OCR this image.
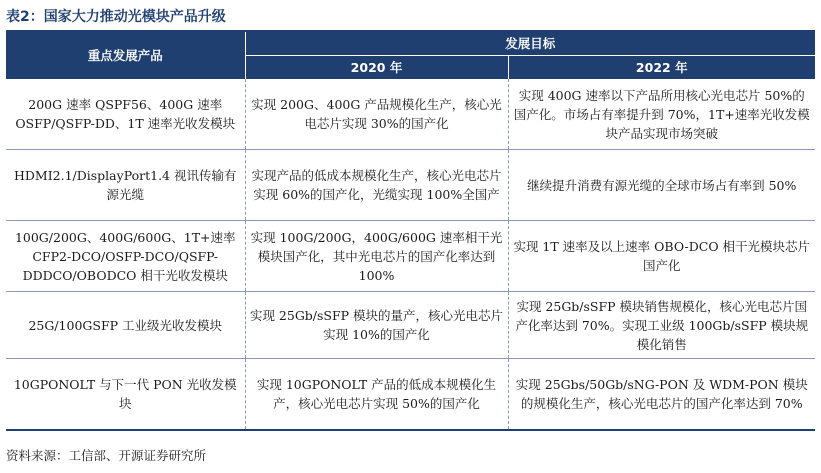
表2：国家大力推动光模块产品升级
重点发展产品	发展目标	
	2020 年	2022 年
200G 速率 QSPF56、400G 速率 OSFP/QSFP-DD、1T 速率光收发模块	实现 200G、400G 产品规模化生产，核心光电芯片实现 30%的国产化	实现 400G 速率以下产品所用核心光电芯片 50%的国产化。市场占有率提升到 70%，1T+速率光收发模块产品实现市场突破
HDMI2.1/DisplayPort1.4 视讯传输有源光缆	实现产品的低成本规模化生产，核心光电芯片实现 60%的国产化，光缆实现 100%全国产	继续提升消费有源光缆的全球市场占有率到 50%
100G/200G、400G/600G、1T+速率 CFP2-DCO/OSFP-DCO/QSFP-DDDCO/OBODCO 相干光收发模块	实现 100G/200G，400G/600G 速率相干光模块国产化，其中光电芯片的国产化率达到 100%	实现 1T 速率及以上速率 OBO-DCO 相干光模块芯片国产化
25G/100GSFP 工业级光收发模块	实现 25Gb/sSFP 模块的量产，核心光电芯片实现 10%的国产化	实现 25Gb/sSFP 模块销售规模化，核心光电芯片国产化率达到 70%。实现工业级 100Gb/sSFP 模块规模化销售
10GPONOLT 与下一代 PON 光收发模块	实现 10GPONOLT 产品的低成本规模化生产，核心光电芯片实现 50%的国产化	实现 25Gbs/50Gb/sNG-PON 及 WDM-PON 模块的规模化生产，核心光电芯片的国产化率达到 70%
资料来源：工信部、开源证券研究所
